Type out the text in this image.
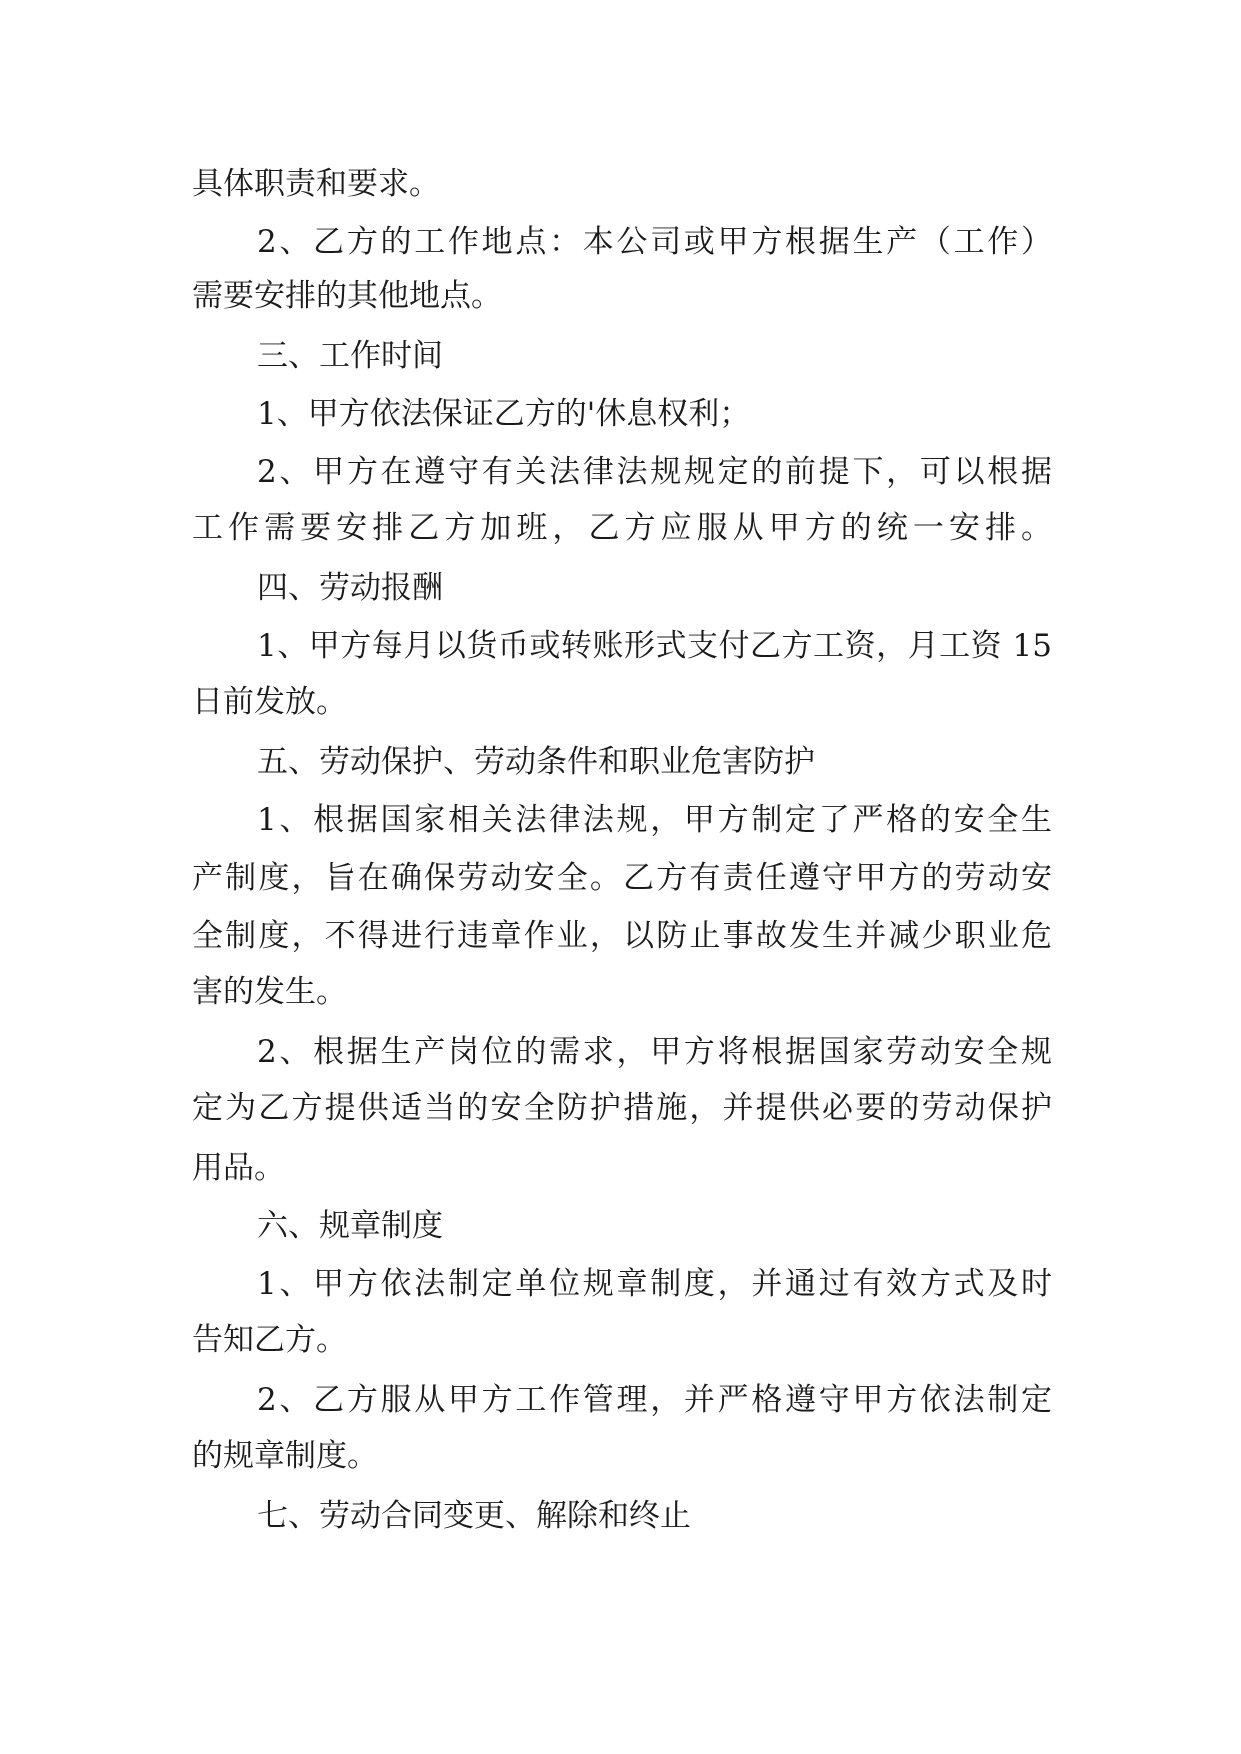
具体职责和要求。

2、乙方的工作地点：本公司或甲方根据生产（工作）

需要安排的其他地点。

三、工作时间

1、甲方依法保证乙方的'休息权利；

2、甲方在遵守有关法律法规规定的前提下，可以根据

工作需要安排乙方加班，乙方应服从甲方的统一安排。

四、劳动报酬

1、甲方每月以货币或转账形式支付乙方工资，月工资 15

日前发放。

五、劳动保护、劳动条件和职业危害防护

1、根据国家相关法律法规，甲方制定了严格的安全生

产制度，旨在确保劳动安全。乙方有责任遵守甲方的劳动安

全制度，不得进行违章作业，以防止事故发生并减少职业危

害的发生。

2、根据生产岗位的需求，甲方将根据国家劳动安全规

定为乙方提供适当的安全防护措施，并提供必要的劳动保护

用品。

六、规章制度

1、甲方依法制定单位规章制度，并通过有效方式及时

告知乙方。

2、乙方服从甲方工作管理，并严格遵守甲方依法制定

的规章制度。

七、劳动合同变更、解除和终止
